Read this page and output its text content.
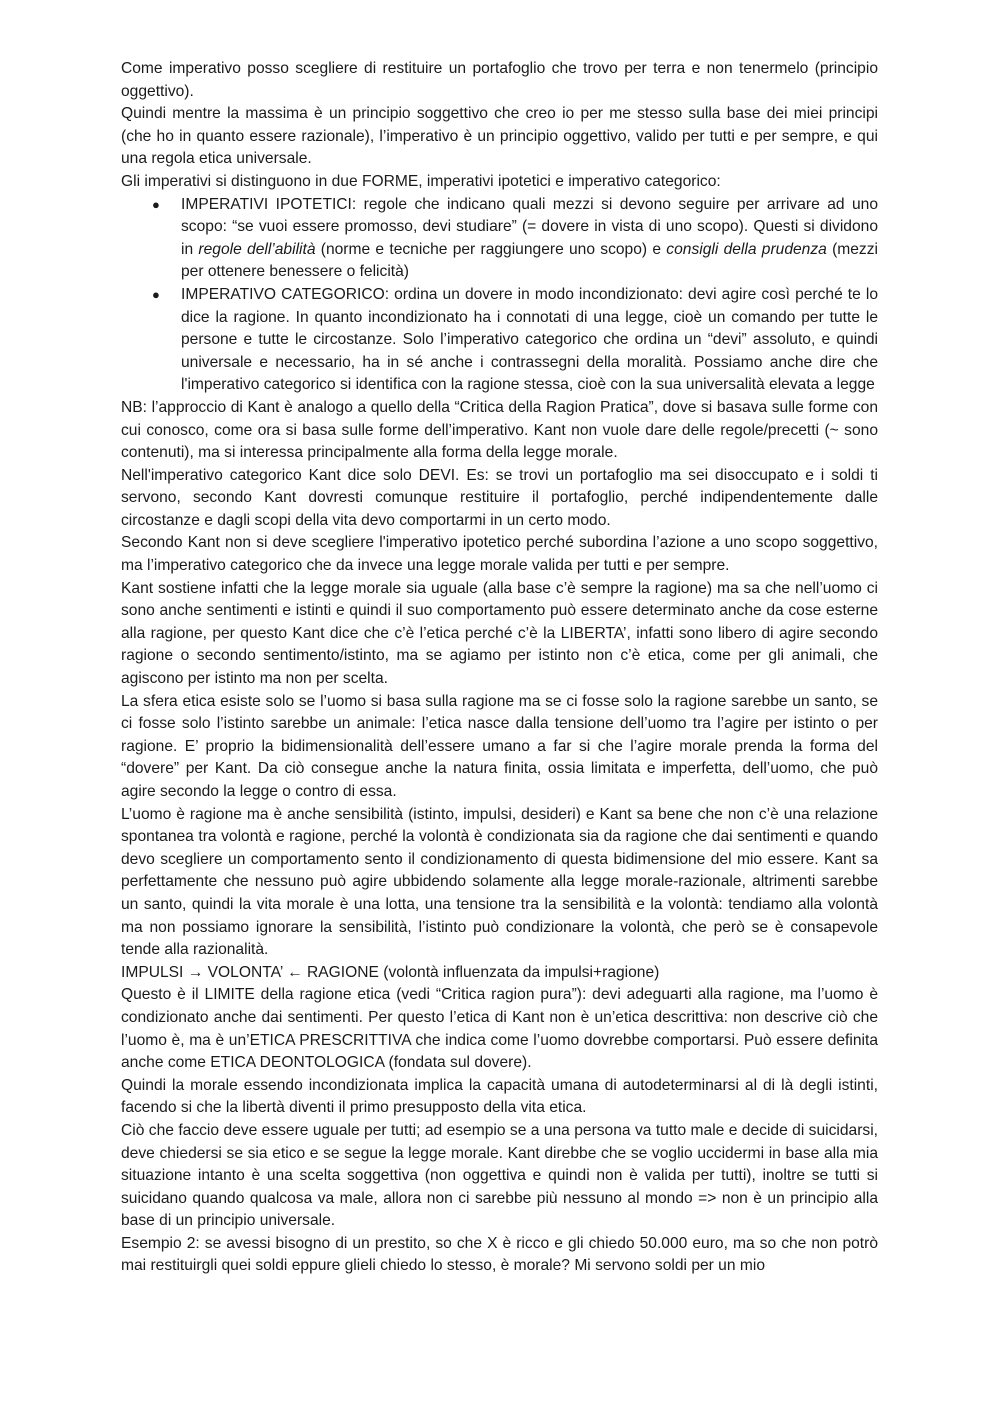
Come imperativo posso scegliere di restituire un portafoglio che trovo per terra e non tenermelo (principio oggettivo).

Quindi mentre la massima è un principio soggettivo che creo io per me stesso sulla base dei miei principi (che ho in quanto essere razionale), l’imperativo è un principio oggettivo, valido per tutti e per sempre, e qui una regola etica universale.

Gli imperativi si distinguono in due FORME, imperativi ipotetici e imperativo categorico:

● IMPERATIVI IPOTETICI: regole che indicano quali mezzi si devono seguire per arrivare ad uno scopo: “se vuoi essere promosso, devi studiare” (= dovere in vista di uno scopo). Questi si dividono in regole dell’abilità (norme e tecniche per raggiungere uno scopo) e consigli della prudenza (mezzi per ottenere benessere o felicità)
● IMPERATIVO CATEGORICO: ordina un dovere in modo incondizionato: devi agire così perché te lo dice la ragione. In quanto incondizionato ha i connotati di una legge, cioè un comando per tutte le persone e tutte le circostanze. Solo l’imperativo categorico che ordina un “devi” assoluto, e quindi universale e necessario, ha in sé anche i contrassegni della moralità. Possiamo anche dire che l'imperativo categorico si identifica con la ragione stessa, cioè con la sua universalità elevata a legge

NB: l’approccio di Kant è analogo a quello della “Critica della Ragion Pratica”, dove si basava sulle forme con cui conosco, come ora si basa sulle forme dell’imperativo. Kant non vuole dare delle regole/precetti (~ sono contenuti), ma si interessa principalmente alla forma della legge morale.

Nell'imperativo categorico Kant dice solo DEVI. Es: se trovi un portafoglio ma sei disoccupato e i soldi ti servono, secondo Kant dovresti comunque restituire il portafoglio, perché indipendentemente dalle circostanze e dagli scopi della vita devo comportarmi in un certo modo.

Secondo Kant non si deve scegliere l'imperativo ipotetico perché subordina l’azione a uno scopo soggettivo, ma l’imperativo categorico che da invece una legge morale valida per tutti e per sempre.

Kant sostiene infatti che la legge morale sia uguale (alla base c’è sempre la ragione) ma sa che nell’uomo ci sono anche sentimenti e istinti e quindi il suo comportamento può essere determinato anche da cose esterne alla ragione, per questo Kant dice che c’è l’etica perché c’è la LIBERTA’, infatti sono libero di agire secondo ragione o secondo sentimento/istinto, ma se agiamo per istinto non c’è etica, come per gli animali, che agiscono per istinto ma non per scelta.

La sfera etica esiste solo se l’uomo si basa sulla ragione ma se ci fosse solo la ragione sarebbe un santo, se ci fosse solo l’istinto sarebbe un animale: l’etica nasce dalla tensione dell’uomo tra l’agire per istinto o per ragione. E’ proprio la bidimensionalità dell’essere umano a far si che l’agire morale prenda la forma del “dovere” per Kant. Da ciò consegue anche la natura finita, ossia limitata e imperfetta, dell’uomo, che può agire secondo la legge o contro di essa.

L’uomo è ragione ma è anche sensibilità (istinto, impulsi, desideri) e Kant sa bene che non c’è una relazione spontanea tra volontà e ragione, perché la volontà è condizionata sia da ragione che dai sentimenti e quando devo scegliere un comportamento sento il condizionamento di questa bidimensione del mio essere. Kant sa perfettamente che nessuno può agire ubbidendo solamente alla legge morale-razionale, altrimenti sarebbe un santo, quindi la vita morale è una lotta, una tensione tra la sensibilità e la volontà: tendiamo alla volontà ma non possiamo ignorare la sensibilità, l’istinto può condizionare la volontà, che però se è consapevole tende alla razionalità.

IMPULSI → VOLONTA’ ← RAGIONE (volontà influenzata da impulsi+ragione)

Questo è il LIMITE della ragione etica (vedi “Critica ragion pura”): devi adeguarti alla ragione, ma l’uomo è condizionato anche dai sentimenti. Per questo l’etica di Kant non è un’etica descrittiva: non descrive ciò che l’uomo è, ma è un’ETICA PRESCRITTIVA che indica come l’uomo dovrebbe comportarsi. Può essere definita anche come ETICA DEONTOLOGICA (fondata sul dovere).

Quindi la morale essendo incondizionata implica la capacità umana di autodeterminarsi al di là degli istinti, facendo si che la libertà diventi il primo presupposto della vita etica.

Ciò che faccio deve essere uguale per tutti; ad esempio se a una persona va tutto male e decide di suicidarsi, deve chiedersi se sia etico e se segue la legge morale. Kant direbbe che se voglio uccidermi in base alla mia situazione intanto è una scelta soggettiva (non oggettiva e quindi non è valida per tutti), inoltre se tutti si suicidano quando qualcosa va male, allora non ci sarebbe più nessuno al mondo => non è un principio alla base di un principio universale.

Esempio 2: se avessi bisogno di un prestito, so che X è ricco e gli chiedo 50.000 euro, ma so che non potrò mai restituirgli quei soldi eppure glieli chiedo lo stesso, è morale? Mi servono soldi per un mio
